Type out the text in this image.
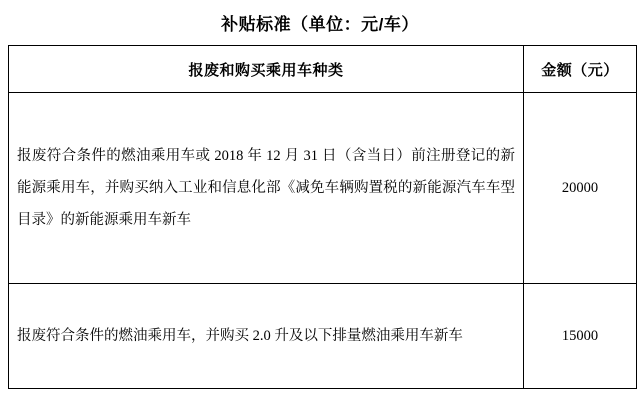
补贴标准（单位：元/车）
报废和购买乘用车种类	金额（元）
报废符合条件的燃油乘用车或 2018 年 12 月 31 日（含当日）前注册登记的新能源乘用车，并购买纳入工业和信息化部《减免车辆购置税的新能源汽车车型目录》的新能源乘用车新车	20000
报废符合条件的燃油乘用车，并购买 2.0 升及以下排量燃油乘用车新车	15000
